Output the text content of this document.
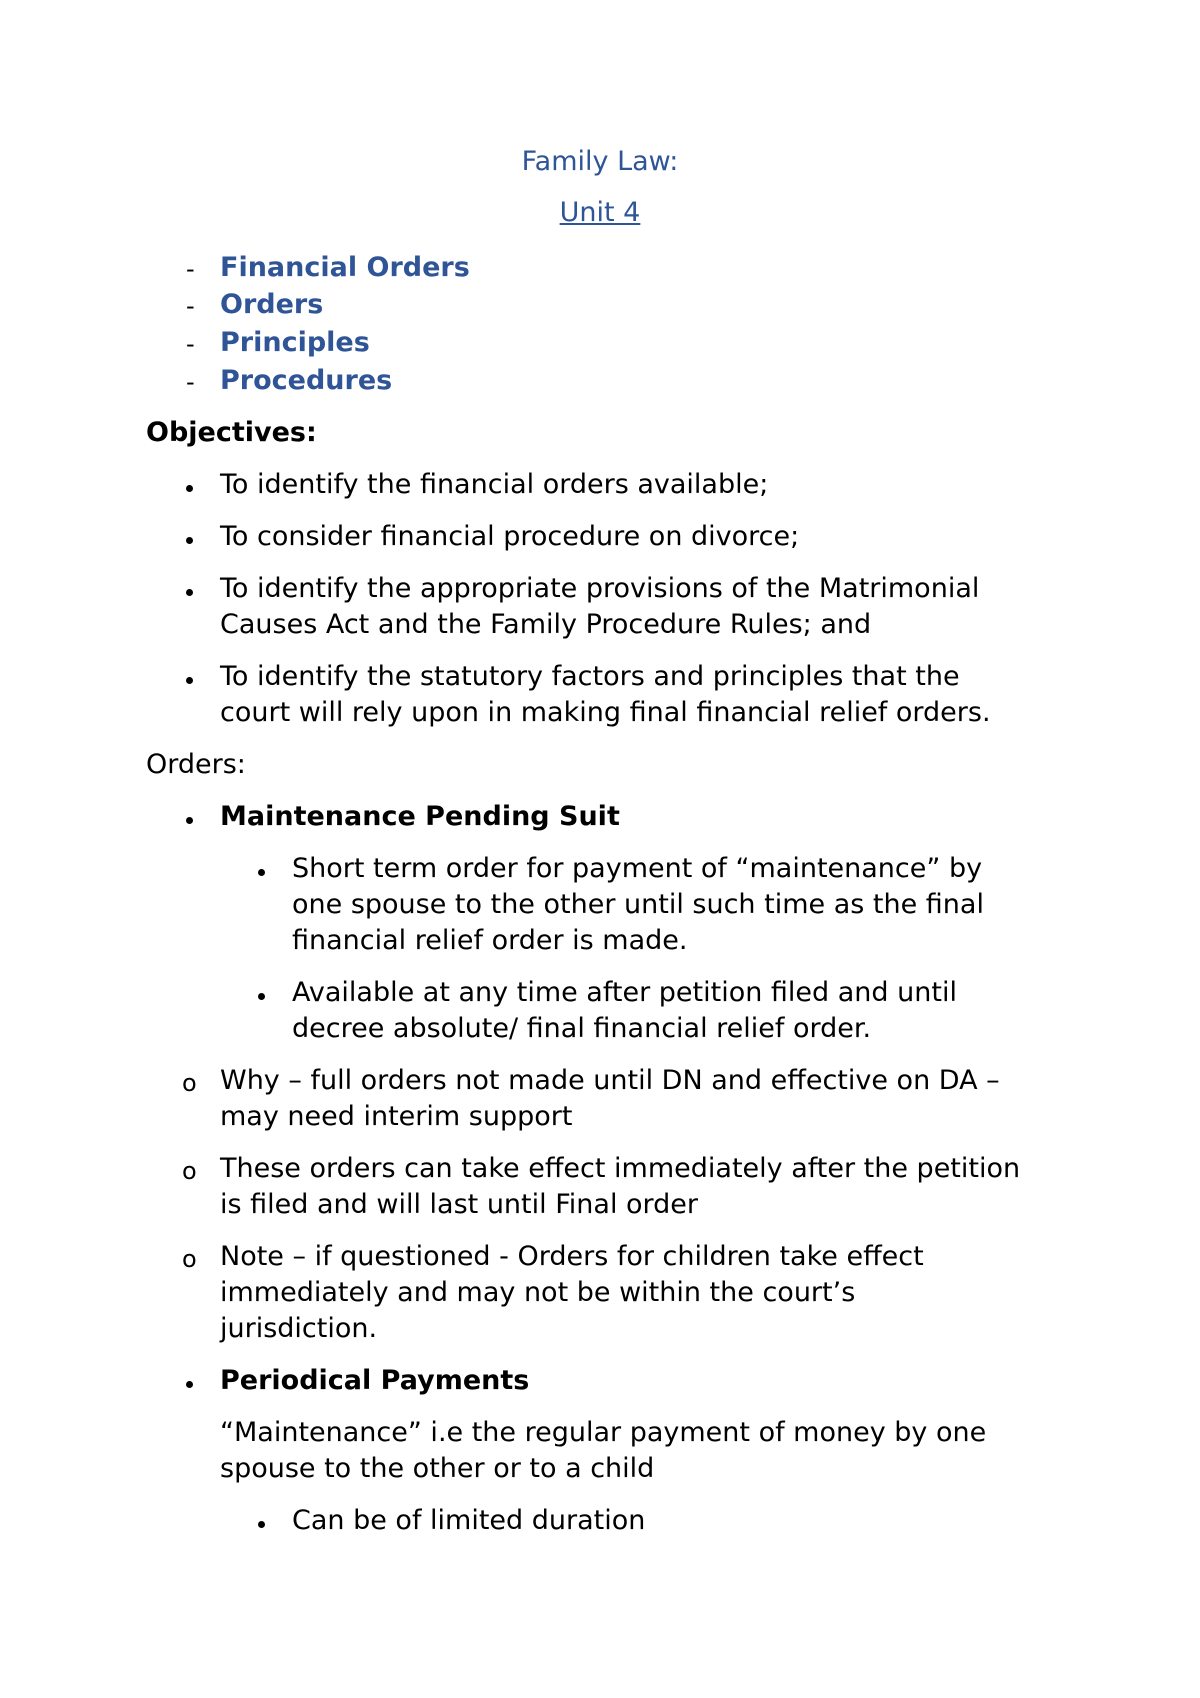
Family Law:
Unit 4
- Financial Orders
- Orders
- Principles
- Procedures
Objectives:
To identify the financial orders available;
To consider financial procedure on divorce;
To identify the appropriate provisions of the Matrimonial
Causes Act and the Family Procedure Rules; and
To identify the statutory factors and principles that the
court will rely upon in making final financial relief orders.
Orders:
Maintenance Pending Suit
Short term order for payment of “maintenance” by
one spouse to the other until such time as the final
financial relief order is made.
Available at any time after petition filed and until
decree absolute/ final financial relief order.
o Why – full orders not made until DN and effective on DA –
may need interim support
o These orders can take effect immediately after the petition
is filed and will last until Final order
o Note – if questioned - Orders for children take effect
immediately and may not be within the court’s
jurisdiction.
Periodical Payments
“Maintenance” i.e the regular payment of money by one
spouse to the other or to a child
Can be of limited duration
